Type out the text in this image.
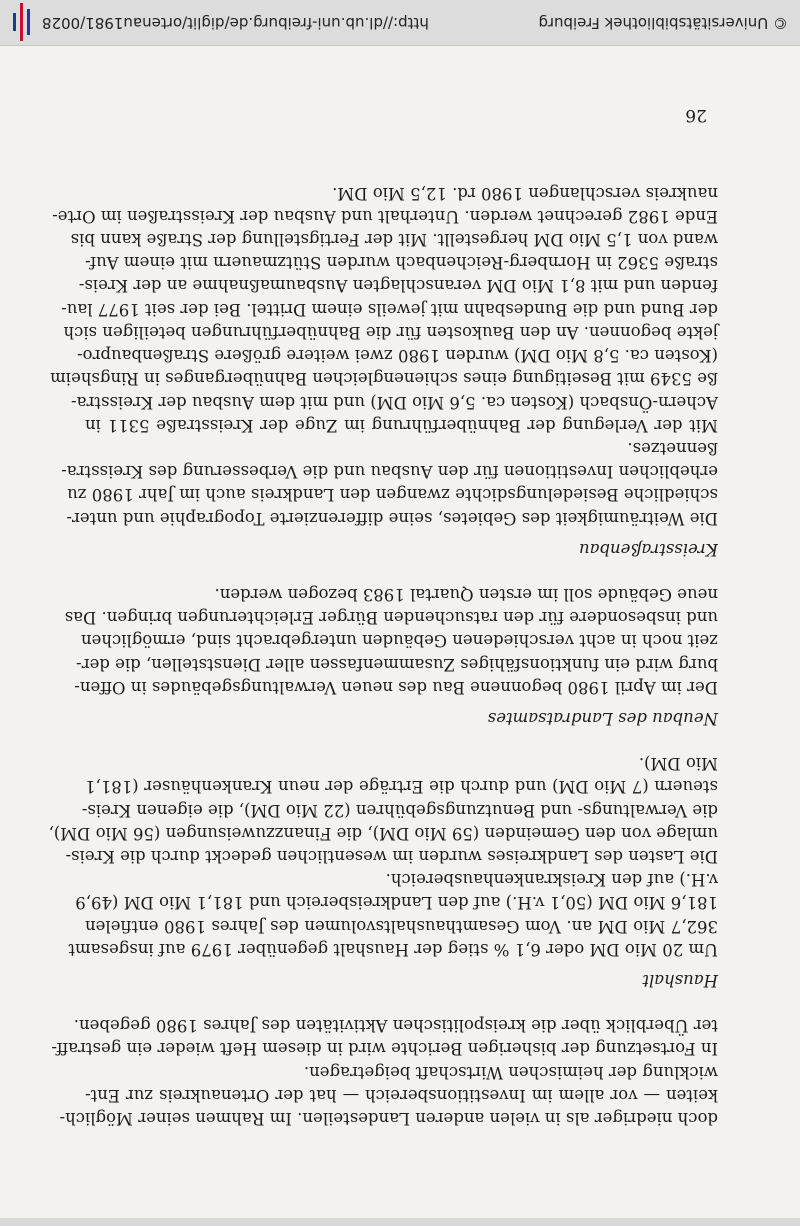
doch niedriger als in vielen anderen Landesteilen. Im Rahmen seiner Möglich-
keiten — vor allem im Investitionsbereich — hat der Ortenaukreis zur Ent-
wicklung der heimischen Wirtschaft beigetragen.
In Fortsetzung der bisherigen Berichte wird in diesem Heft wieder ein gestraff-
ter Überblick über die kreispolitischen Aktivitäten des Jahres 1980 gegeben.
Haushalt
Um 20 Mio DM oder 6,1 % stieg der Haushalt gegenüber 1979 auf insgesamt
362,7 Mio DM an. Vom Gesamthaushaltsvolumen des Jahres 1980 entfielen
181,6 Mio DM (50,1 v.H.) auf den Landkreisbereich und 181,1 Mio DM (49,9
v.H.) auf den Kreiskrankenhausbereich.
Die Lasten des Landkreises wurden im wesentlichen gedeckt durch die Kreis-
umlage von den Gemeinden (59 Mio DM), die Finanzzuweisungen (56 Mio DM),
die Verwaltungs- und Benutzungsgebühren (22 Mio DM), die eigenen Kreis-
steuern (7 Mio DM) und durch die Erträge der neun Krankenhäuser (181,1
Mio DM).
Neubau des Landratsamtes
Der im April 1980 begonnene Bau des neuen Verwaltungsgebäudes in Offen-
burg wird ein funktionsfähiges Zusammenfassen aller Dienststellen, die der-
zeit noch in acht verschiedenen Gebäuden untergebracht sind, ermöglichen
und insbesondere für den ratsuchenden Bürger Erleichterungen bringen. Das
neue Gebäude soll im ersten Quartal 1983 bezogen werden.
Kreisstraßenbau
Die Weiträumigkeit des Gebietes, seine differenzierte Topographie und unter-
schiedliche Besiedelungsdichte zwangen den Landkreis auch im Jahr 1980 zu
erheblichen Investitionen für den Ausbau und die Verbesserung des Kreisstra-
ßennetzes.
Mit der Verlegung der Bahnüberführung im Zuge der Kreisstraße 5311 in
Achern-Önsbach (Kosten ca. 5,6 Mio DM) und mit dem Ausbau der Kreisstra-
ße 5349 mit Beseitigung eines schienengleichen Bahnüberganges in Ringsheim
(Kosten ca. 5,8 Mio DM) wurden 1980 zwei weitere größere Straßenbaupro-
jekte begonnen. An den Baukosten für die Bahnüberführungen beteiligen sich
der Bund und die Bundesbahn mit jeweils einem Drittel. Bei der seit 1977 lau-
fenden und mit 8,1 Mio DM veranschlagten Ausbaumaßnahme an der Kreis-
straße 5362 in Hornberg-Reichenbach wurden Stützmauern mit einem Auf-
wand von 1,5 Mio DM hergestellt. Mit der Fertigstellung der Straße kann bis
Ende 1982 gerechnet werden. Unterhalt und Ausbau der Kreisstraßen im Orte-
naukreis verschlangen 1980 rd. 12,5 Mio DM.
26
© Universitätsbibliothek Freiburg
http://dl.ub.uni-freiburg.de/diglit/ortenau1981/0028
